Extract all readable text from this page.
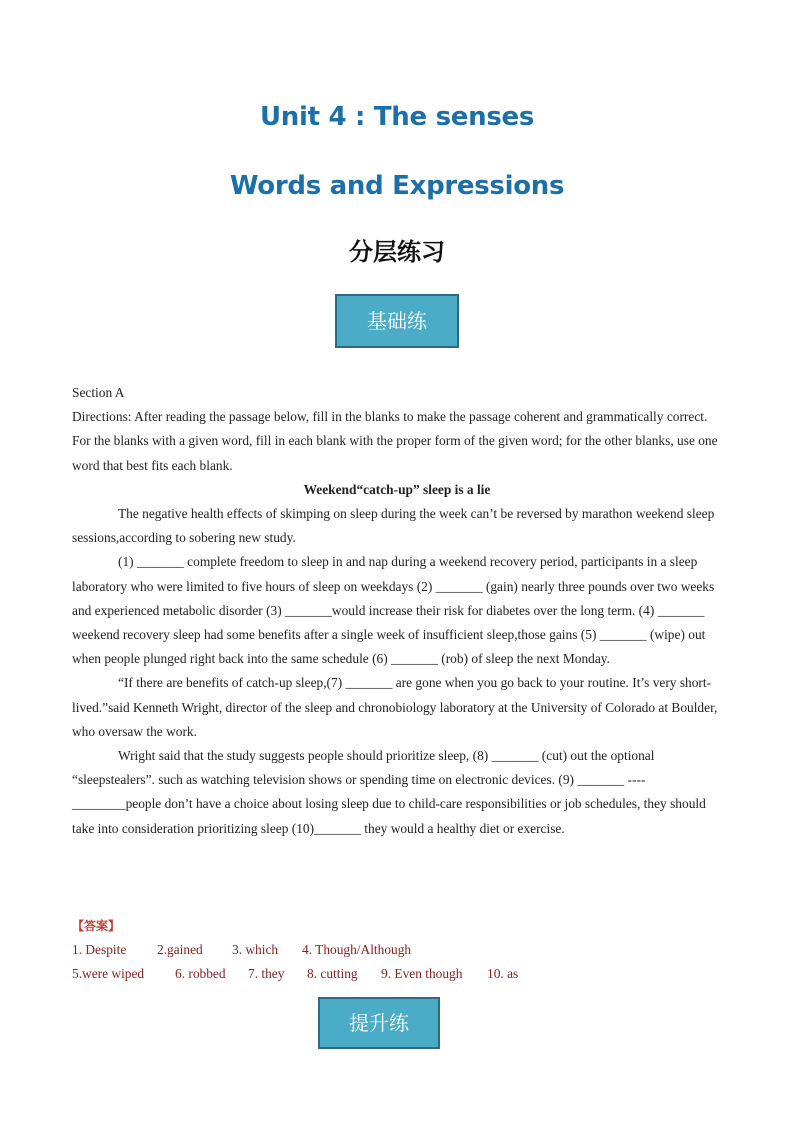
Unit 4 : The senses
Words and Expressions
分层练习
基础练

Section A

Directions: After reading the passage below, fill in the blanks to make the passage coherent and grammatically correct. For the blanks with a given word, fill in each blank with the proper form of the given word; for the other blanks, use one word that best fits each blank.

Weekend“catch-up” sleep is a lie

The negative health effects of skimping on sleep during the week can’t be reversed by marathon weekend sleep sessions,according to sobering new study.

(1) _______ complete freedom to sleep in and nap during a weekend recovery period, participants in a sleep laboratory who were limited to five hours of sleep on weekdays (2) _______ (gain) nearly three pounds over two weeks and experienced metabolic disorder (3) _______would increase their risk for diabetes over the long term. (4) _______ weekend recovery sleep had some benefits after a single week of insufficient sleep,those gains (5) _______ (wipe) out when people plunged right back into the same schedule (6) _______ (rob) of sleep the next Monday.

“If there are benefits of catch-up sleep,(7) _______ are gone when you go back to your routine. It’s very short-lived.”said Kenneth Wright, director of the sleep and chronobiology laboratory at the University of Colorado at Boulder, who oversaw the work.

Wright said that the study suggests people should prioritize sleep, (8) _______ (cut) out the optional “sleepstealers”. such as watching television shows or spending time on electronic devices. (9) _______ ----________people don’t have a choice about losing sleep due to child-care responsibilities or job schedules, they should take into consideration prioritizing sleep (10)_______ they would a healthy diet or exercise.

【答案】
1. Despite 2.gained 3. which 4. Though/Although
5.were wiped 6. robbed 7. they 8. cutting 9. Even though 10. as
提升练
